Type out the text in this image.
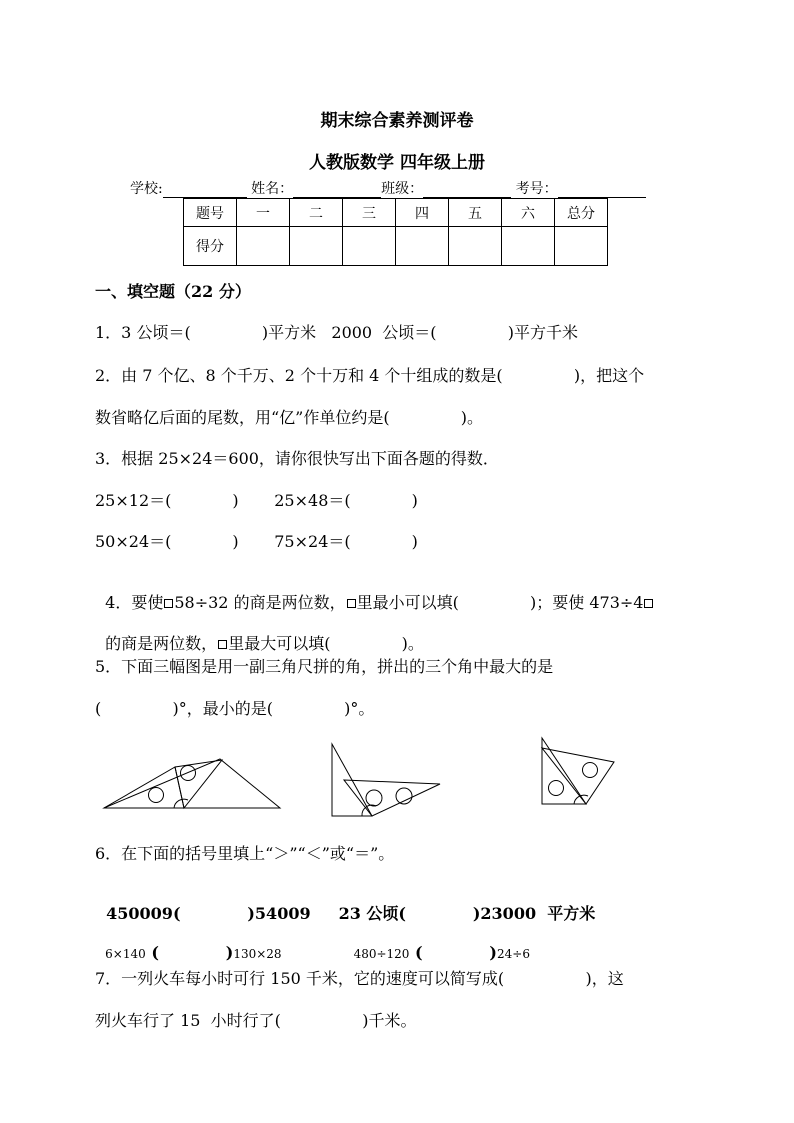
期末综合素养测评卷
人教版数学 四年级上册
学校:	姓名：	班级：	考号：
题号	一	二	三	四	五	六	总分
得分							
一、填空题（22 分）
1．3 公顷＝(              )平方米   2000  公顷＝(              )平方千米
2．由 7 个亿、8 个千万、2 个十万和 4 个十组成的数是(              )，把这个
数省略亿后面的尾数，用“亿”作单位约是(              )。
3．根据 25×24＝600，请你很快写出下面各题的得数．
25×12＝(            )       25×48＝(            )
50×24＝(            )       75×24＝(            )

4．要使 58÷32 的商是两位数， 里最小可以填(              )；要使 473÷4

的商是两位数， 里最大可以填(              )。

5．下面三幅图是用一副三角尺拼的角，拼出的三个角中最大的是
(              )°，最小的是(              )°。
6．在下面的括号里填上“＞”“＜”或“＝”。

450009(            )54009 23 公顷(            )23000  平方米

6×140 (            )130×28	480÷120 (            )24÷6

7．一列火车每小时可行 150 千米，它的速度可以简写成(                )，这
列火车行了 15  小时行了(                )千米。
